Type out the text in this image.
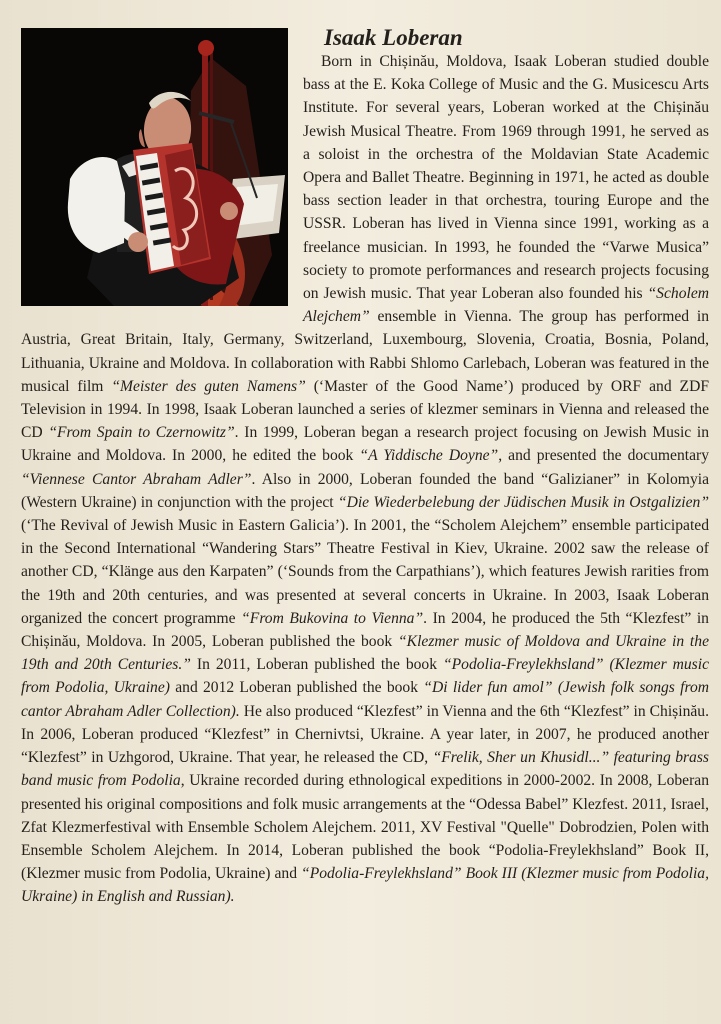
Isaak Loberan

Born in Chișinău, Moldova, Isaak Loberan studied double bass at the E. Koka College of Music and the G. Musicescu Arts Institute. For several years, Loberan worked at the Chișinău Jewish Musical Theatre. From 1969 through 1991, he served as a soloist in the orchestra of the Moldavian State Academic Opera and Ballet Theatre. Beginning in 1971, he acted as double bass section leader in that orchestra, touring Europe and the USSR. Loberan has lived in Vienna since 1991, working as a freelance musician. In 1993, he founded the “Varwe Musica” society to promote performances and research projects focusing on Jewish music. That year Loberan also founded his “Scholem Alejchem” ensemble in Vienna. The group has performed in Austria, Great Britain, Italy, Germany, Switzerland, Luxembourg, Slovenia, Croatia, Bosnia, Poland, Lithuania, Ukraine and Moldova. In collaboration with Rabbi Shlomo Carlebach, Loberan was featured in the musical film “Meister des guten Namens” (‘Master of the Good Name’) produced by ORF and ZDF Television in 1994. In 1998, Isaak Loberan launched a series of klezmer seminars in Vienna and released the CD “From Spain to Czernowitz”. In 1999, Loberan began a research project focusing on Jewish Music in Ukraine and Moldova. In 2000, he edited the book “A Yiddische Doyne”, and presented the documentary “Viennese Cantor Abraham Adler”. Also in 2000, Loberan founded the band “Galizianer” in Kolomyia (Western Ukraine) in conjunction with the project “Die Wiederbelebung der Jüdischen Musik in Ostgalizien” (‘The Revival of Jewish Music in Eastern Galicia’). In 2001, the “Scholem Alejchem” ensemble participated in the Second International “Wandering Stars” Theatre Festival in Kiev, Ukraine. 2002 saw the release of another CD, “Klänge aus den Karpaten” (‘Sounds from the Carpathians’), which features Jewish rarities from the 19th and 20th centuries, and was presented at several concerts in Ukraine. In 2003, Isaak Loberan organized the concert programme “From Bukovina to Vienna”. In 2004, he produced the 5th “Klezfest” in Chișinău, Moldova. In 2005, Loberan published the book “Klezmer music of Moldova and Ukraine in the 19th and 20th Centuries.” In 2011, Loberan published the book “Podolia-Freylekhsland” (Klezmer music from Podolia, Ukraine) and 2012 Loberan published the book “Di lider fun amol” (Jewish folk songs from cantor Abraham Adler Collection). He also produced “Klezfest” in Vienna and the 6th “Klezfest” in Chișinău. In 2006, Loberan produced “Klezfest” in Chernivtsi, Ukraine. A year later, in 2007, he produced another “Klezfest” in Uzhgorod, Ukraine. That year, he released the CD, “Frelik, Sher un Khusidl...” featuring brass band music from Podolia, Ukraine recorded during ethnological expeditions in 2000-2002. In 2008, Loberan presented his original compositions and folk music arrangements at the “Odessa Babel” Klezfest. 2011, Israel, Zfat Klezmerfestival with Ensemble Scholem Alejchem. 2011, XV Festival "Quelle" Dobrodzien, Polen with Ensemble Scholem Alejchem. In 2014, Loberan published the book “Podolia-Freylekhsland” Book II, (Klezmer music from Podolia, Ukraine) and “Podolia-Freylekhsland” Book III (Klezmer music from Podolia, Ukraine) in English and Russian).
